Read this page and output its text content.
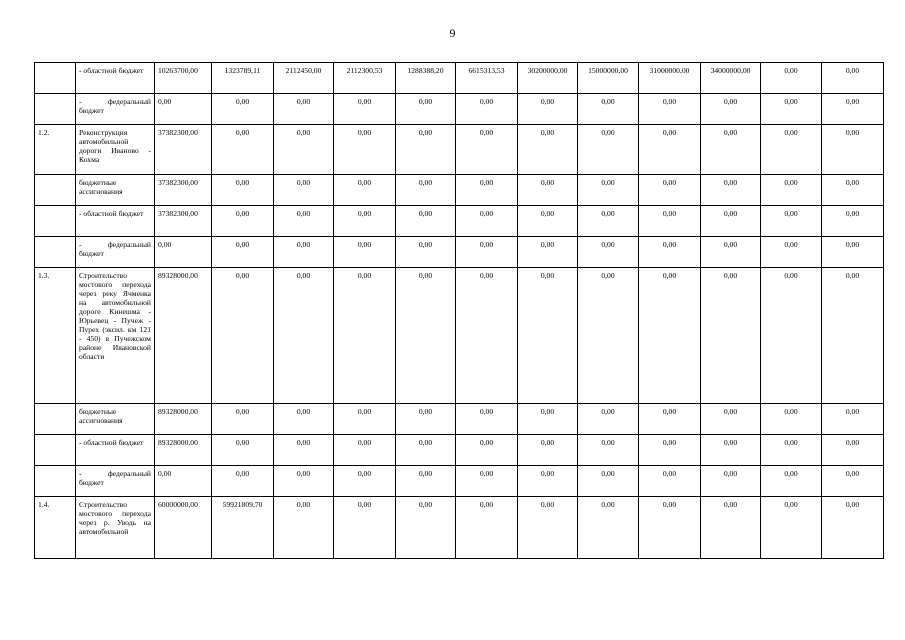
9
	- областной бюджет	10263700,00	1323789,11	2112450,00	2112300,53	1288388,20	6615313,53	30200000,00	15000000,00	31000000,00	34000000,00	0,00	0,00
	- федеральный бюджет	0,00	0,00	0,00	0,00	0,00	0,00	0,00	0,00	0,00	0,00	0,00	0,00
1.2.	Реконструкция автомобильной дороги Иваново - Кохма	37382300,00	0,00	0,00	0,00	0,00	0,00	0,00	0,00	0,00	0,00	0,00	0,00
	бюджетные ассигнования	37382300,00	0,00	0,00	0,00	0,00	0,00	0,00	0,00	0,00	0,00	0,00	0,00
	- областной бюджет	37382300,00	0,00	0,00	0,00	0,00	0,00	0,00	0,00	0,00	0,00	0,00	0,00
	- федеральный бюджет	0,00	0,00	0,00	0,00	0,00	0,00	0,00	0,00	0,00	0,00	0,00	0,00
1.3.	Строительство мостового перехода через реку Ячменка на автомобильной дороге Кинешма - Юрьевец - Пучеж - Пурех (эксил. км 121 - 450) в Пучежском районе Ивановской области	89328000,00	0,00	0,00	0,00	0,00	0,00	0,00	0,00	0,00	0,00	0,00	0,00
	бюджетные ассигнования	89328000,00	0,00	0,00	0,00	0,00	0,00	0,00	0,00	0,00	0,00	0,00	0,00
	- областной бюджет	89328000,00	0,00	0,00	0,00	0,00	0,00	0,00	0,00	0,00	0,00	0,00	0,00
	- федеральный бюджет	0,00	0,00	0,00	0,00	0,00	0,00	0,00	0,00	0,00	0,00	0,00	0,00
1.4.	Строительство мостового перехода через р. Уводь на автомобильной	60000000,00	59921809,70	0,00	0,00	0,00	0,00	0,00	0,00	0,00	0,00	0,00	0,00
